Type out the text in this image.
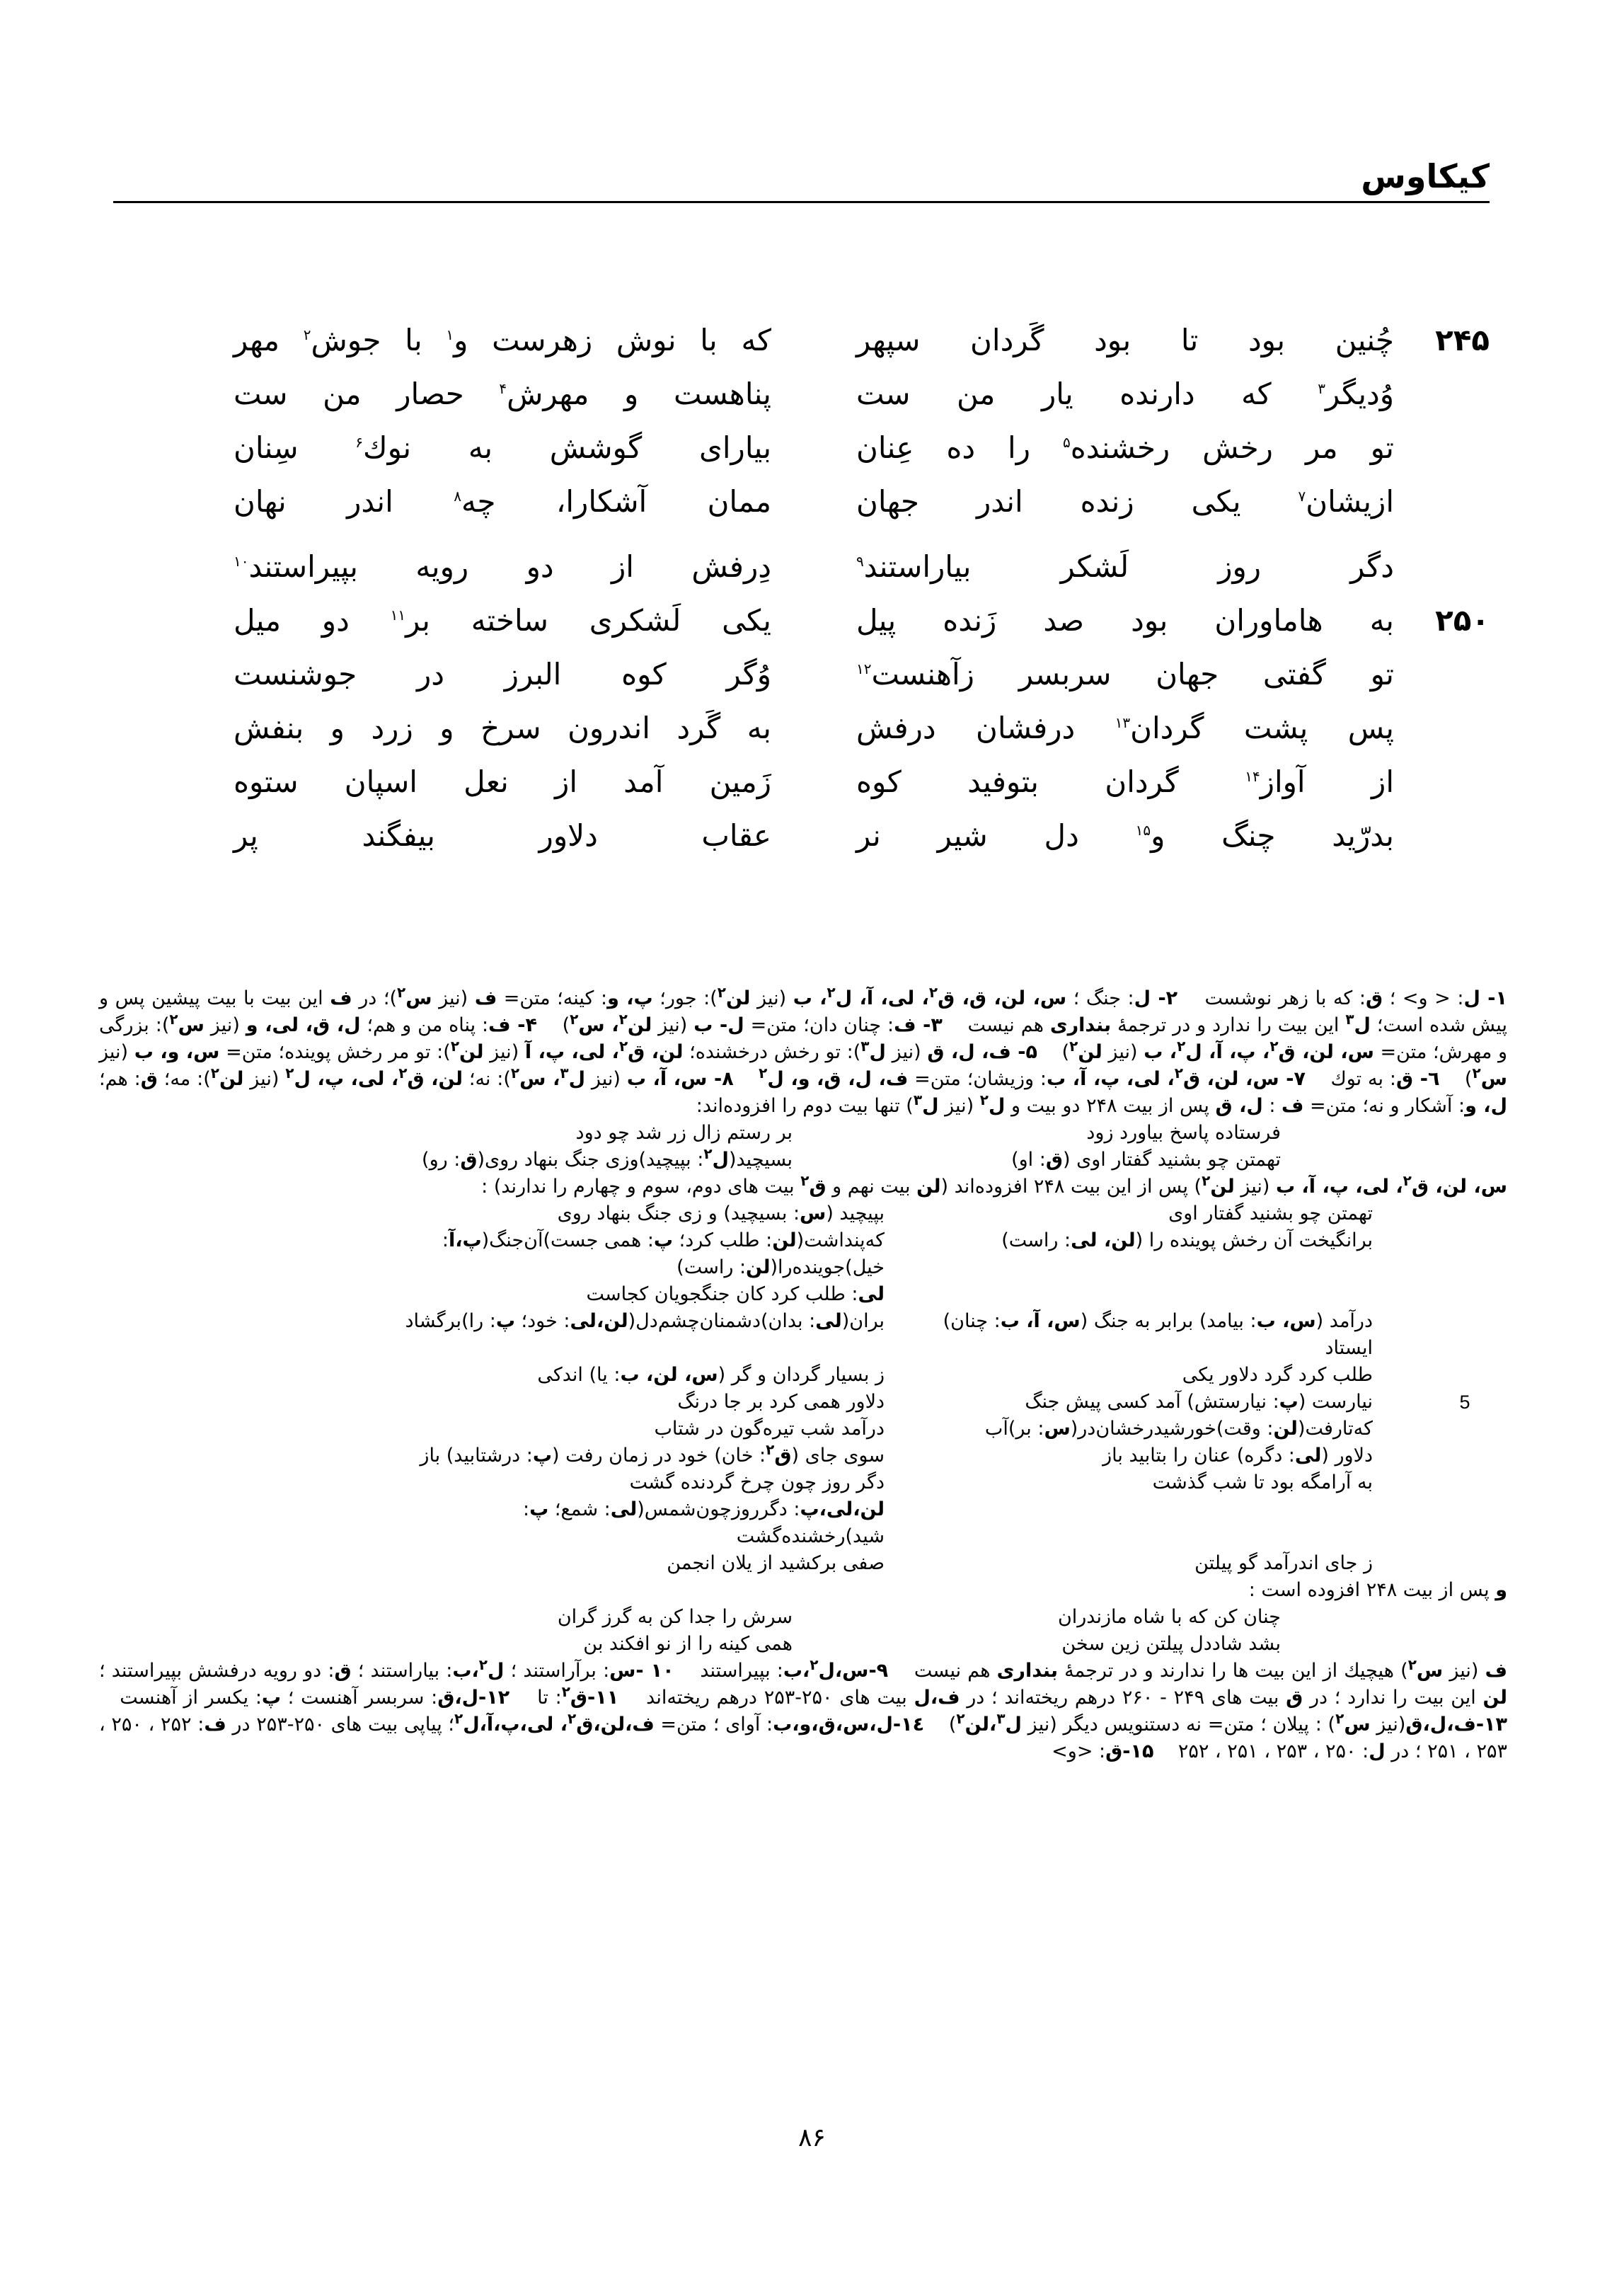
کیکاوس
۲۴۵
چُنین بود تا بود گَردان سپهر
که با نوش زهرست و$^۱$ با جوش$^۲$ مهر
وُدیگر$^۳$ که دارنده یار من ست
پناهست و مهرش$^۴$ حصار من ست
تو مر رخش رخشنده$^۵$ را ده عِنان
بیارای گوشش به نوك$^۶$ سِنان
ازیشان$^۷$ یکی زنده اندر جهان
ممان آشکارا، چه$^۸$ اندر نهان
دگر روز لَشکر بیاراستند$^۹$
دِرفش از دو رویه بپیراستند$^{۱۰}$
۲۵۰
به هاماوران بود صد زَنده پیل
یکی لَشکری ساخته بر$^{۱۱}$ دو میل
تو گفتی جهان سربسر زآهنست$^{۱۲}$
وُگر کوه البرز در جوشنست
پس پشت گردان$^{۱۳}$ درفشان درفش
به گَرد اندرون سرخ و زرد و بنفش
از آواز$^{۱۴}$ گردان بتوفید کوه
زَمین آمد از نعل اسپان ستوه
بدرّید چنگ و$^{۱۵}$ دل شیر نر
عقاب دلاور بیفگند پر

۱- ل: < و> ؛ ق: که با زهر نوشست    ۲- ل: جنگ ؛ س، لن، ق، ق$^۲$، لی، آ، ل$^۲$، ب (نیز لن$^۲$): جور؛ پ، و: کینه؛ متن= ف (نیز س$^۲$)؛ در ف این بیت با بیت پیشین پس و پیش شده است؛ ل$^۳$ این بیت را ندارد و در ترجمهٔ بنداری هم نیست    ۳- ف: چنان دان؛ متن= ل- ب (نیز لن$^۲$، س$^۲$)    ۴- ف: پناه من و هم؛ ل، ق، لی، و (نیز س$^۲$): بزرگی و مهرش؛ متن= س، لن، ق$^۲$، پ، آ، ل$^۲$، ب (نیز لن$^۲$)    ۵- ف، ل، ق (نیز ل$^۳$): تو رخش درخشنده؛ لن، ق$^۲$، لی، پ، آ (نیز لن$^۲$): تو مر رخش پوینده؛ متن= س، و، ب (نیز س$^۲$)    ٦- ق: به توك    ۷- س، لن، ق$^۲$، لی، پ، آ، ب: وزیشان؛ متن= ف، ل، ق، و، ل$^۲$    ۸- س، آ، ب (نیز ل$^۳$، س$^۲$): نه؛ لن، ق$^۲$، لی، پ، ل$^۲$ (نیز لن$^۲$): مه؛ ق: هم؛ ل، و: آشکار و نه؛ متن= ف : ل، ق پس از بیت ۲۴۸ دو بیت و ل$^۲$ (نیز ل$^۳$) تنها بیت دوم را افزوده‌اند:

فرستاده پاسخ بیاورد زود
بر رستم زال زر شد چو دود
تهمتن چو بشنید گفتار اوی (ق: او)
بسیچید(ل$^۲$: بپیچید)وزی جنگ بنهاد روی(ق: رو)

س، لن، ق$^۲$، لی، پ، آ، ب (نیز لن$^۲$) پس از این بیت ۲۴۸ افزوده‌اند (لن بیت نهم و ق$^۲$ بیت های دوم، سوم و چهارم را ندارند) :

تهمتن چو بشنید گفتار اوی
بپیچید (س: بسیچید) و زی جنگ بنهاد روی
برانگیخت آن رخش پوینده را (لن، لی: راست)
که‌پنداشت(لن: طلب کرد؛ پ: همی جست)آن‌جنگ(پ،آ: خیل)جوینده‌را(لن: راست)
لی: طلب کرد کان جنگجویان کجاست
درآمد (س، ب: بیامد) برابر به جنگ (س، آ، ب: چنان) ایستاد
بران(لی: بدان)دشمنان‌چشم‌دل(لن،لی: خود؛ پ: را)برگشاد
طلب کرد گرد دلاور یکی
ز بسیار گردان و گر (س، لن، ب: یا) اندکی
5
نیارست (پ: نیارستش) آمد کسی پیش جنگ
دلاور همی کرد بر جا درنگ
که‌تارفت(لن: وقت)خورشیدرخشان‌در(س: بر)آب
درآمد شب تیره‌گون در شتاب
دلاور (لی: دگره) عنان را بتابید باز
سوی جای (ق$^۲$: خان) خود در زمان رفت (پ: درشتابید) باز
به آرامگه بود تا شب گذشت
دگر روز چون چرخ گردنده گشت
لن،لی،پ: دگرروزچون‌شمس(لی: شمع؛ پ: شید)رخشنده‌گشت
ز جای اندرآمد گو پیلتن
صفی برکشید از یلان انجمن

و پس از بیت ۲۴۸ افزوده است :

چنان کن که با شاه مازندران
سرش را جدا کن به گرز گران
بشد شاددل پیلتن زین سخن
همی کینه را از نو افکند بن

ف (نیز س$^۲$) هیچیك از این بیت ها را ندارند و در ترجمهٔ بنداری هم نیست    ۹-س،ل$^۲$،ب: بپیراستند    ۱۰ -س: برآراستند ؛ ل$^۲$،ب: بیاراستند ؛ ق: دو رویه درفشش بپیراستند ؛ لن این بیت را ندارد ؛ در ق بیت های ۲۴۹ - ۲۶۰ درهم ریخته‌اند ؛ در ف،ل بیت های ۲۵۰-۲۵۳ درهم ریخته‌اند    ۱۱-ق$^۲$: تا    ۱۲-ل،ق: سربسر آهنست ؛ پ: یکسر از آهنست    ۱۳-ف،ل،ق(نیز س$^۲$) : پیلان ؛ متن= نه دستنویس دیگر (نیز ل$^۳$،لن$^۲$)    ١٤-ل،س،ق،و،ب: آوای ؛ متن= ف،لن،ق$^۲$، لی،پ،آ،ل$^۲$؛ پیاپی بیت های ۲۵۰-۲۵۳ در ف: ۲۵۲ ، ۲۵۰ ، ۲۵۳ ، ۲۵۱ ؛ در ل: ۲۵۰ ، ۲۵۳ ، ۲۵۱ ، ۲۵۲    ۱۵-ق: <و>

۸۶
